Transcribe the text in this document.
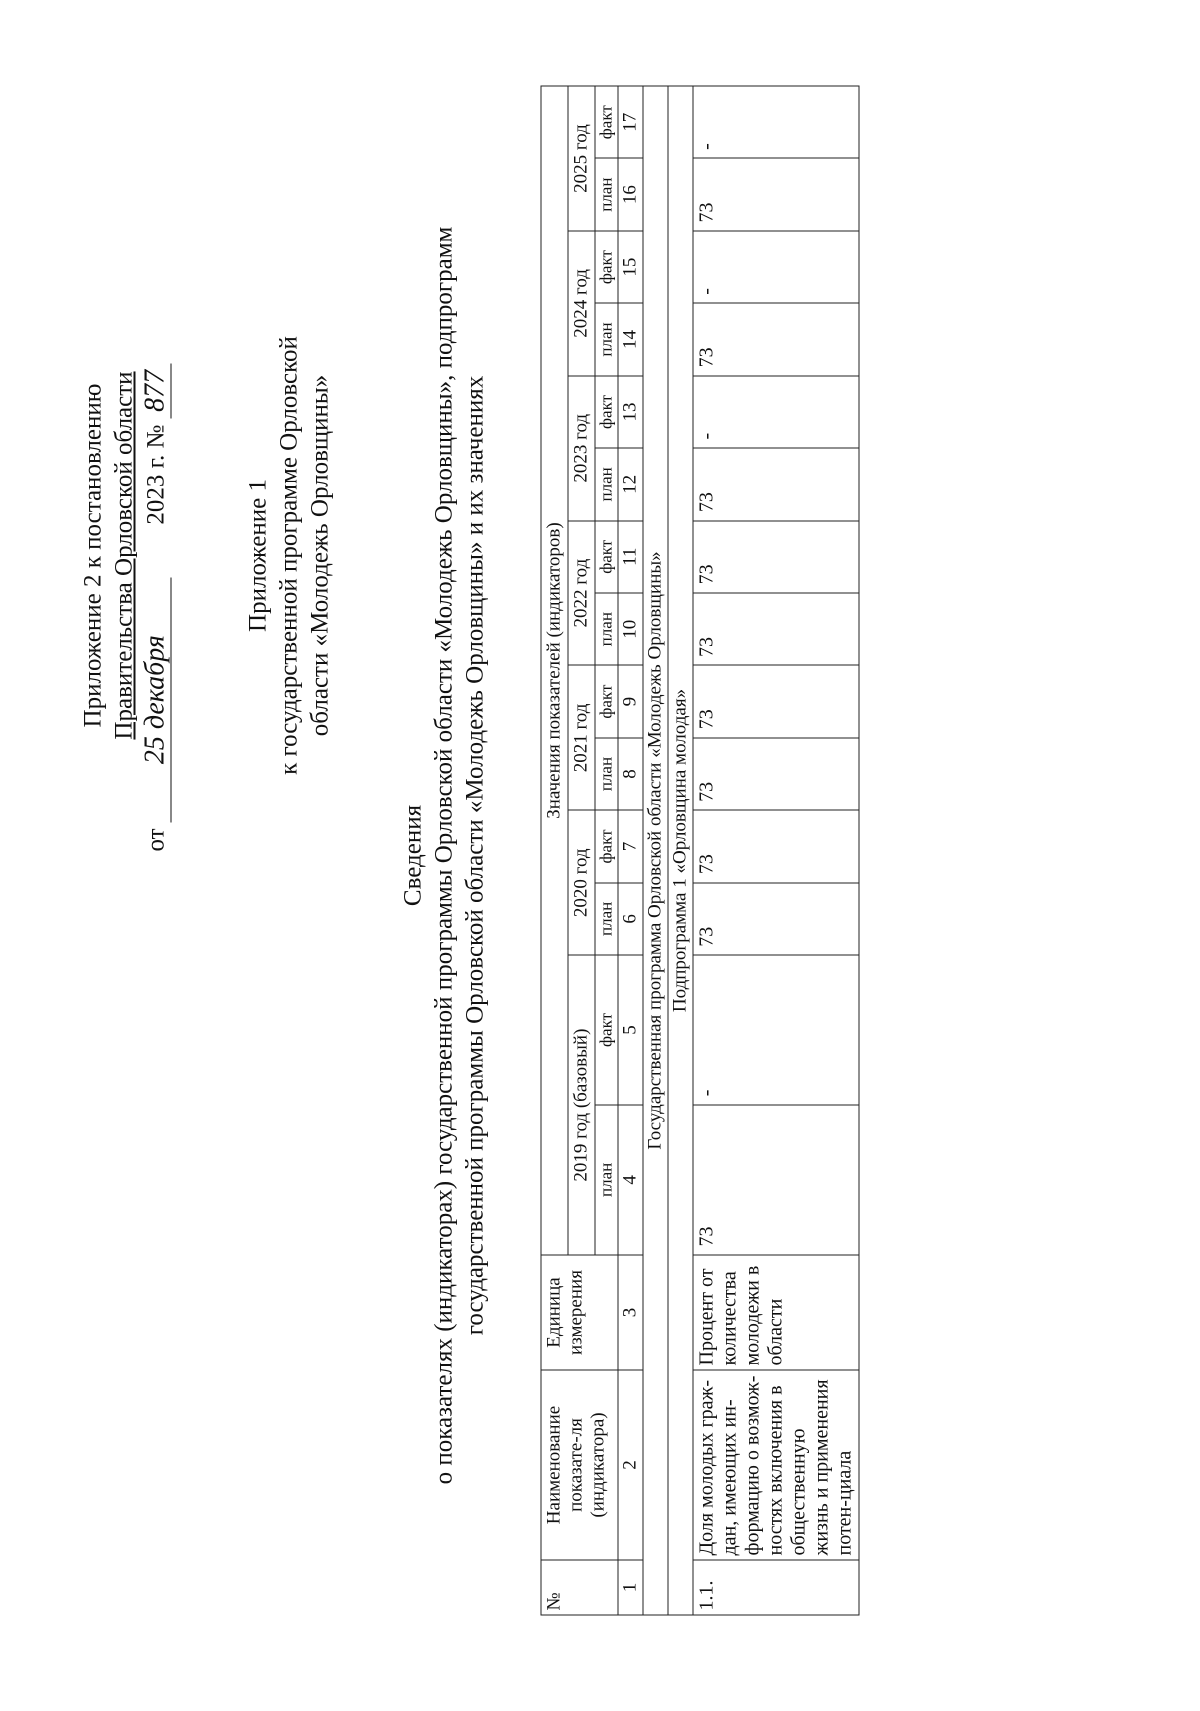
Приложение 2 к постановлению Правительства Орловской области
от 25 декабря  2023 г. № 877
Приложение 1 к государственной программе Орловской области «Молодежь Орловщины»
Сведения о показателях (индикаторах) государственной программы Орловской области «Молодежь Орловщины», подпрограмм государственной программы Орловской области «Молодежь Орловщины» и их значениях
№	Наименование показате-ля (индикатора)	Единица измерения	Значения показателей (индикаторов)													
			2019 год (базовый)		2020 год		2021 год		2022 год		2023 год		2024 год		2025 год	
			план	факт	план	факт	план	факт	план	факт	план	факт	план	факт	план	факт
1	2	3	4	5	6	7	8	9	10	11	12	13	14	15	16	17
Государственная программа Орловской области «Молодежь Орловщины»																
Подпрограмма 1 «Орловщина молодая»																
1.1.	Доля молодых граж-дан, имеющих ин-формацию о возмож-ностях включения в общественную жизнь и применения потен-циала	Процент от количества молодежи в области	73	-	73	73	73	73	73	73	73	-	73	-	73	-
